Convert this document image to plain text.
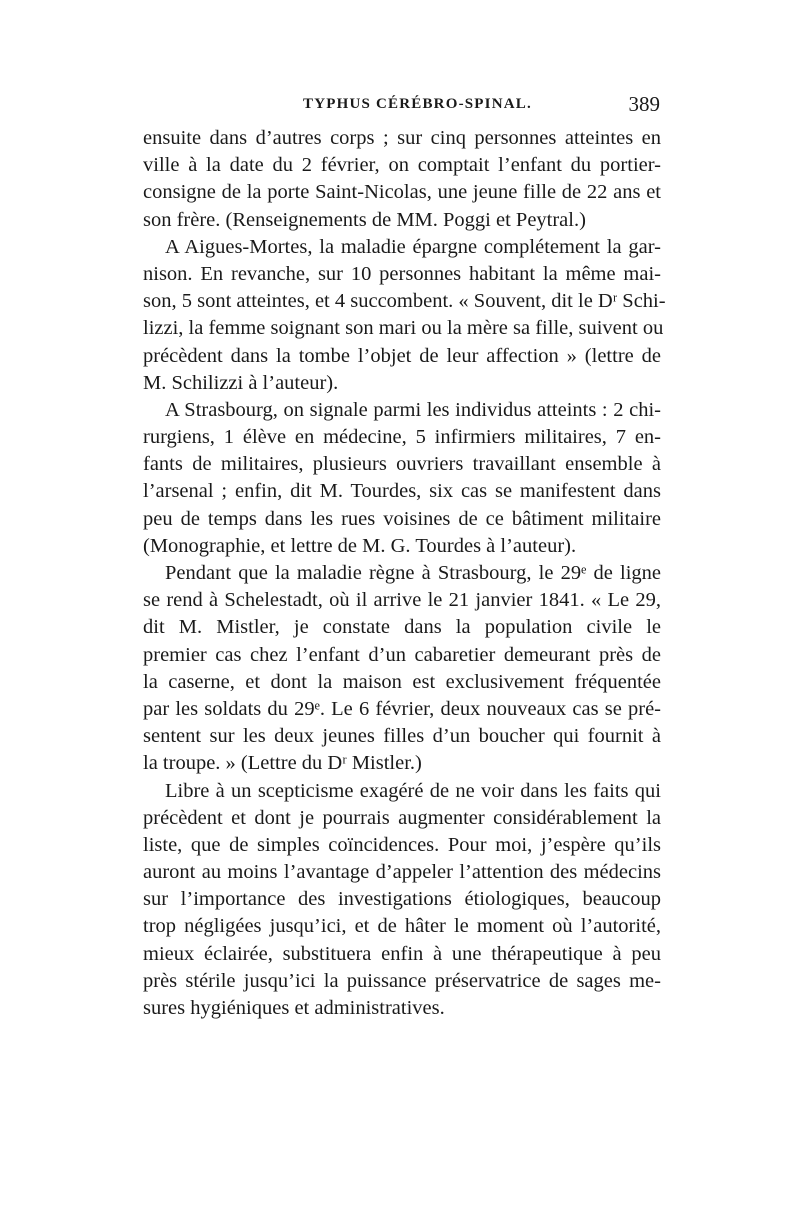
TYPHUS CÉRÉBRO-SPINAL.	389
ensuite dans d’autres corps ; sur cinq personnes atteintes en
ville à la date du 2 février, on comptait l’enfant du portier-
consigne de la porte Saint-Nicolas, une jeune fille de 22 ans et
son frère. (Renseignements de MM. Poggi et Peytral.)
A Aigues-Mortes, la maladie épargne complétement la gar-
nison. En revanche, sur 10 personnes habitant la même mai-
son, 5 sont atteintes, et 4 succombent. « Souvent, dit le Dʳ Schi-
lizzi, la femme soignant son mari ou la mère sa fille, suivent ou
précèdent dans la tombe l’objet de leur affection » (lettre de
M. Schilizzi à l’auteur).
A Strasbourg, on signale parmi les individus atteints : 2 chi-
rurgiens, 1 élève en médecine, 5 infirmiers militaires, 7 en-
fants de militaires, plusieurs ouvriers travaillant ensemble à
l’arsenal ; enfin, dit M. Tourdes, six cas se manifestent dans
peu de temps dans les rues voisines de ce bâtiment militaire
(Monographie, et lettre de M. G. Tourdes à l’auteur).
Pendant que la maladie règne à Strasbourg, le 29ᵉ de ligne
se rend à Schelestadt, où il arrive le 21 janvier 1841. « Le 29,
dit M. Mistler, je constate dans la population civile le
premier cas chez l’enfant d’un cabaretier demeurant près de
la caserne, et dont la maison est exclusivement fréquentée
par les soldats du 29ᵉ. Le 6 février, deux nouveaux cas se pré-
sentent sur les deux jeunes filles d’un boucher qui fournit à
la troupe. » (Lettre du Dʳ Mistler.)
Libre à un scepticisme exagéré de ne voir dans les faits qui
précèdent et dont je pourrais augmenter considérablement la
liste, que de simples coïncidences. Pour moi, j’espère qu’ils
auront au moins l’avantage d’appeler l’attention des médecins
sur l’importance des investigations étiologiques, beaucoup
trop négligées jusqu’ici, et de hâter le moment où l’autorité,
mieux éclairée, substituera enfin à une thérapeutique à peu
près stérile jusqu’ici la puissance préservatrice de sages me-
sures hygiéniques et administratives.
